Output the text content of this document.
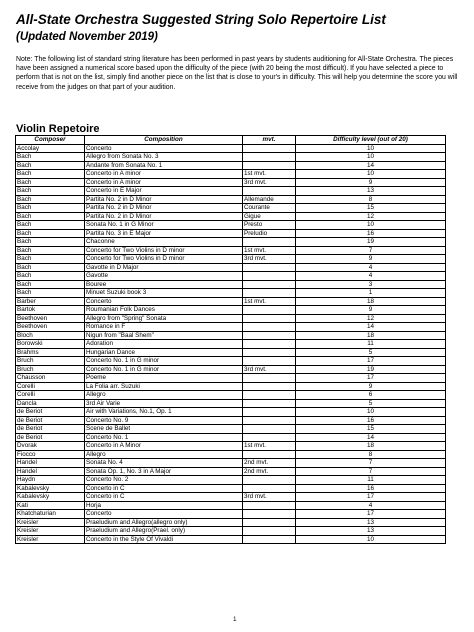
All-State Orchestra Suggested String Solo Repertoire List
(Updated November 2019)
Note: The following list of standard string literature has been performed in past years by students auditioning for All-State Orchestra. The pieces have been assigned a numerical score based upon the difficulty of the piece (with 20 being the most difficult). If you have selected a piece to perform that is not on the list, simply find another piece on the list that is close to your's in difficulty. This will help you determine the score you will receive from the judges on that part of your audition.
Violin Repetoire
Composer	Composition	mvt.	Difficulty level (out of 20)
Accolay	Concerto		10
Bach	Allegro from Sonata No. 3		10
Bach	Andante from Sonata No. 1		14
Bach	Concerto in A minor	1st mvt.	10
Bach	Concerto in A minor	3rd mvt.	9
Bach	Concerto in E Major		13
Bach	Partita No. 2 in D Minor	Allemande	8
Bach	Partita No. 2 in D Minor	Courante	15
Bach	Partita No. 2 in D Minor	Gigue	12
Bach	Sonata No. 1 in G Minor	Presto	10
Bach	Partita No. 3 in E Major	Preludio	16
Bach	Chaconne		19
Bach	Concerto for Two Violins in D minor	1st mvt.	7
Bach	Concerto for Two Violins in D minor	3rd mvt.	9
Bach	Gavotte in D Major		4
Bach	Gavotte		4
Bach	Bouree		3
Bach	Minuet Suzuki book 3		1
Barber	Concerto	1st mvt.	18
Bartok	Roumanian Folk Dances		9
Beethoven	Allegro from "Spring" Sonata		12
Beethoven	Romance in F		14
Bloch	Nigun from "Baal Shem"		18
Borowski	Adoration		11
Brahms	Hungarian Dance		5
Bruch	Concerto No. 1 in G minor		17
Bruch	Concerto No. 1 in G minor	3rd mvt.	19
Chausson	Poeme		17
Corelli	La Folia arr. Suzuki		9
Corelli	Allegro		6
Dancla	3rd Air Varie		5
de Beriot	Air with Variations, No.1, Op. 1		10
de Beriot	Concerto No. 9		16
de Beriot	Scene de Ballet		15
de Beriot	Concerto No. 1		14
Dvorak	Concerto in A Minor	1st mvt.	18
Fiocco	Allegro		8
Handel	Sonata No. 4	2nd mvt.	7
Handel	Sonata Op. 1, No. 3 in A Major	2nd mvt.	7
Haydn	Concerto No. 2		11
Kabalevsky	Concerto in C		16
Kabalevsky	Concerto in C	3rd mvt.	17
Kati	Horja		4
Khatchaturian	Concerto		17
Kreisler	Praeludium and Allegro(allegro only)		13
Kreisler	Praeludium and Allegro(Prael. only)		13
Kreisler	Concerto in the Style Of Vivaldi		10
1
